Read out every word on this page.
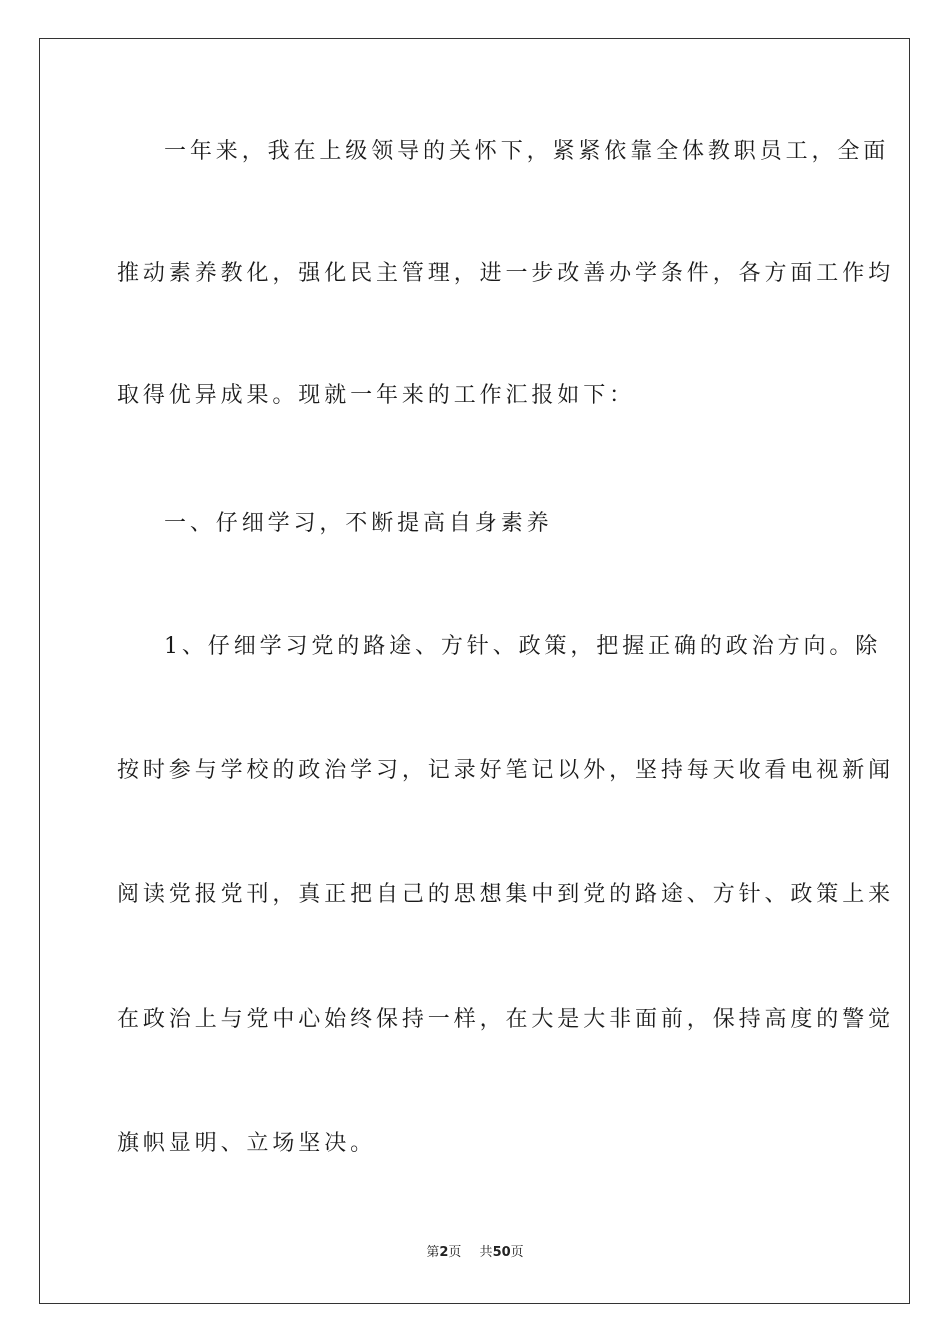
一年来，我在上级领导的关怀下，紧紧依靠全体教职员工，全面
推动素养教化，强化民主管理，进一步改善办学条件，各方面工作均
取得优异成果。现就一年来的工作汇报如下：
一、仔细学习，不断提高自身素养
1、仔细学习党的路途、方针、政策，把握正确的政治方向。除
按时参与学校的政治学习，记录好笔记以外，坚持每天收看电视新闻
阅读党报党刊，真正把自己的思想集中到党的路途、方针、政策上来
在政治上与党中心始终保持一样，在大是大非面前，保持高度的警觉
旗帜显明、立场坚决。
第2页 共50页
